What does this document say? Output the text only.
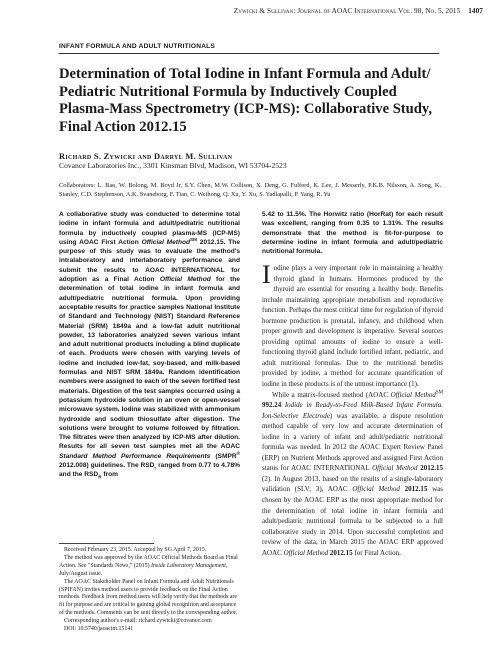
Zywicki & Sullivan: Journal of AOAC International Vol. 98, No. 5, 2015 1407
INFANT FORMULA AND ADULT NUTRITIONALS
Determination of Total Iodine in Infant Formula and Adult/ Pediatric Nutritional Formula by Inductively Coupled Plasma-Mass Spectrometry (ICP-MS): Collaborative Study, Final Action 2012.15
Richard S. Zywicki and Darryl M. Sullivan
Covance Laboratories Inc., 3301 Kinsman Blvd, Madison, WI 53704-2523
Collaborators: L. Bao, W. Bolong, M. Boyd Jr, S.Y. Chen, M.W. Collison, X. Deng, G. Fulford, K. Lee, J. Messerly, P.K.B. Nilsson, A. Song, K. Stanley, C.D. Stephenson, A.K. Svaneborg, F. Tian, C. Weihong, Q. Xu, Y. Xu, S. Yadlapalli, P. Yang, R. Yu
A collaborative study was conducted to determine total iodine in infant formula and adult/pediatric nutritional formula by inductively coupled plasma-MS (ICP-MS) using AOAC First Action Official Method℠ 2012.15. The purpose of this study was to evaluate the method's intralaboratory and interlaboratory performance and submit the results to AOAC INTERNATIONAL for adoption as a Final Action Official Method for the determination of total iodine in infant formula and adult/pediatric nutritional formula. Upon providing acceptable results for practice samples National Institute of Standard and Technology (NIST) Standard Reference Material (SRM) 1849a and a low-fat adult nutritional powder, 13 laboratories analyzed seven various infant and adult nutritional products including a blind duplicate of each. Products were chosen with varying levels of iodine and included low-fat, soy-based, and milk-based formulas and NIST SRM 1849a. Random identification numbers were assigned to each of the seven fortified test materials. Digestion of the test samples occurred using a potassium hydroxide solution in an oven or open-vessel microwave system. Iodine was stabilized with ammonium hydroxide and sodium thiosulfate after digestion. The solutions were brought to volume followed by filtration. The filtrates were then analyzed by ICP-MS after dilution. Results for all seven test samples met all the AOAC Standard Method Performance Requirements (SMPR® 2012.008) guidelines. The $RSD_r$ ranged from 0.77 to 4.78% and the $RSD_R$ from
5.42 to 11.5%. The Horwitz ratio (HorRat) for each result was excellent, ranging from 0.35 to 1.31%. The results demonstrate that the method is fit-for-purpose to determine iodine in infant formula and adult/pediatric nutritional formula.

Iodine plays a very important role in maintaining a healthy thyroid gland in humans. Hormones produced by the thyroid are essential for ensuring a healthy body. Benefits include maintaining appropriate metabolism and reproductive function. Perhaps the most critical time for regulation of thyroid hormone production is prenatal, infancy, and childhood when proper growth and development is imperative. Several sources providing optimal amounts of iodine to ensure a well-functioning thyroid gland include fortified infant, pediatric, and adult nutritional formulas. Due to the nutritional benefits provided by iodine, a method for accurate quantification of iodine in these products is of the utmost importance (1).

While a matrix-focused method (AOAC Official Method℠ 992.24 Iodide in Ready-to-Feed Milk-Based Infant Formula. Ion-Selective Electrode) was available, a dispute resolution method capable of very low and accurate determination of iodine in a variety of infant and adult/pediatric nutritional formula was needed. In 2012 the AOAC Expert Review Panel (ERP) on Nutrient Methods approved and assigned First Action status for AOAC INTERNATIONAL Official Method 2012.15 (2). In August 2013, based on the results of a single-laboratory validation (SLV; 3), AOAC Official Method 2012.15 was chosen by the AOAC ERP as the most appropriate method for the determination of total iodine in infant formula and adult/pediatric nutritional formula to be subjected to a full collaborative study in 2014. Upon successful completion and review of the data, in March 2015 the AOAC ERP approved AOAC Official Method 2012.15 for Final Action.

Received February 23, 2015. Accepted by SG April 7, 2015.

The method was approved by the AOAC Official Methods Board as Final Action. See "Standards News," (2015) Inside Laboratory Management, July/August issue.

The AOAC Stakeholder Panel on Infant Formula and Adult Nutritionals (SPIFAN) invites method users to provide feedback on the Final Action methods. Feedback from method users will help verify that the methods are fit for purpose and are critical to gaining global recognition and acceptance of the methods. Comments can be sent directly to the corresponding author.

Corresponding author's e-mail: richard.zywicki@covance.com

DOI: 10.5740/jaoacint.15141
